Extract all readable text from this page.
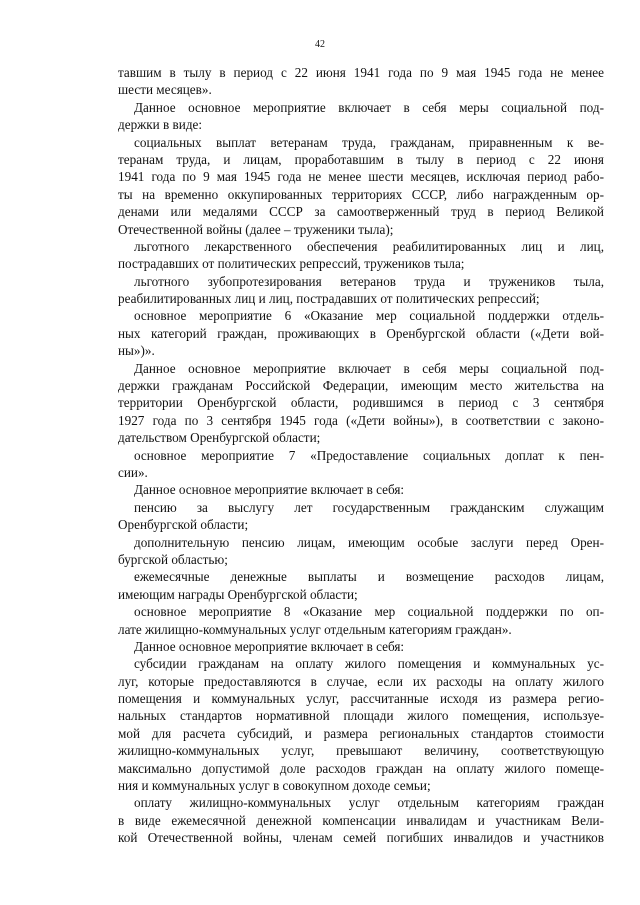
42
тавшим в тылу в период с 22 июня 1941 года по 9 мая 1945 года не менее
шести месяцев».
Данное основное мероприятие включает в себя меры социальной под-
держки в виде:
социальных выплат ветеранам труда, гражданам, приравненным к ве-
теранам труда, и лицам, проработавшим в тылу в период с 22 июня
1941 года по 9 мая 1945 года не менее шести месяцев, исключая период рабо-
ты на временно оккупированных территориях СССР, либо награжденным ор-
денами или медалями СССР за самоотверженный труд в период Великой
Отечественной войны (далее – труженики тыла);
льготного лекарственного обеспечения реабилитированных лиц и лиц,
пострадавших от политических репрессий, тружеников тыла;
льготного зубопротезирования ветеранов труда и тружеников тыла,
реабилитированных лиц и лиц, пострадавших от политических репрессий;
основное мероприятие 6 «Оказание мер социальной поддержки отдель-
ных категорий граждан, проживающих в Оренбургской области («Дети вой-
ны»)».
Данное основное мероприятие включает в себя меры социальной под-
держки гражданам Российской Федерации, имеющим место жительства на
территории Оренбургской области, родившимся в период с 3 сентября
1927 года по 3 сентября 1945 года («Дети войны»), в соответствии с законо-
дательством Оренбургской области;
основное мероприятие 7 «Предоставление социальных доплат к пен-
сии».
Данное основное мероприятие включает в себя:
пенсию за выслугу лет государственным гражданским служащим
Оренбургской области;
дополнительную пенсию лицам, имеющим особые заслуги перед Орен-
бургской областью;
ежемесячные денежные выплаты и возмещение расходов лицам,
имеющим награды Оренбургской области;
основное мероприятие 8 «Оказание мер социальной поддержки по оп-
лате жилищно-коммунальных услуг отдельным категориям граждан».
Данное основное мероприятие включает в себя:
субсидии гражданам на оплату жилого помещения и коммунальных ус-
луг, которые предоставляются в случае, если их расходы на оплату жилого
помещения и коммунальных услуг, рассчитанные исходя из размера регио-
нальных стандартов нормативной площади жилого помещения, используе-
мой для расчета субсидий, и размера региональных стандартов стоимости
жилищно-коммунальных услуг, превышают величину, соответствующую
максимально допустимой доле расходов граждан на оплату жилого помеще-
ния и коммунальных услуг в совокупном доходе семьи;
оплату жилищно-коммунальных услуг отдельным категориям граждан
в виде ежемесячной денежной компенсации инвалидам и участникам Вели-
кой Отечественной войны, членам семей погибших инвалидов и участников
